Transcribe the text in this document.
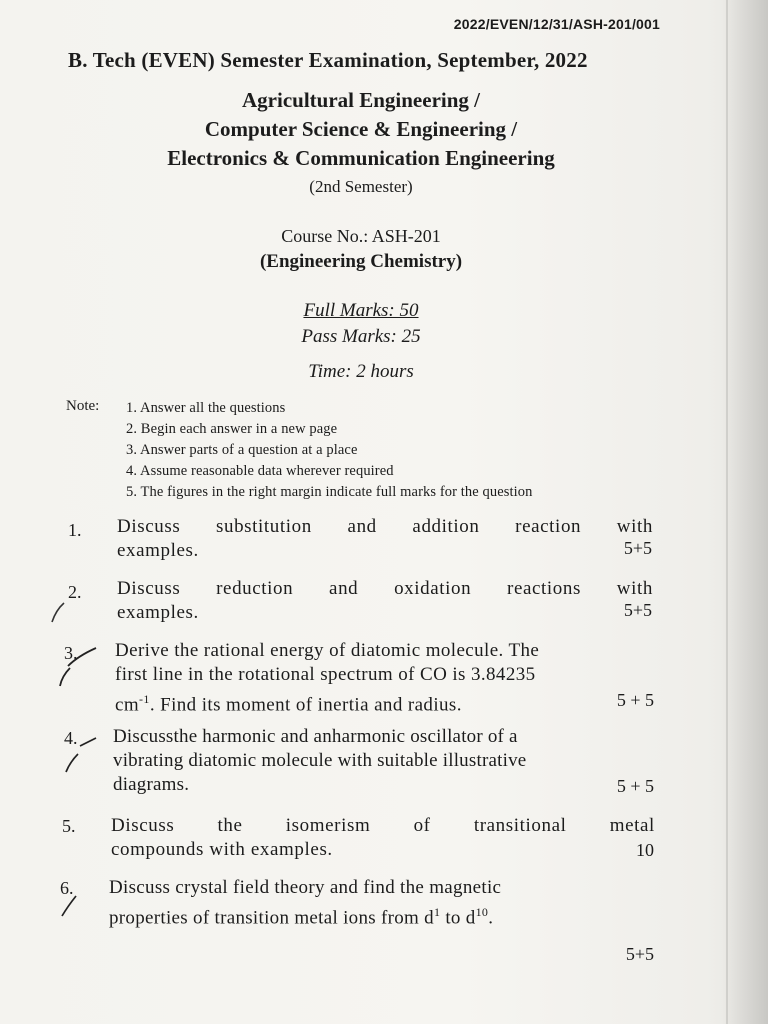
2022/EVEN/12/31/ASH-201/001
B. Tech (EVEN) Semester Examination, September, 2022
Agricultural Engineering /
Computer Science & Engineering /
Electronics & Communication Engineering
(2nd Semester)
Course No.: ASH-201
(Engineering Chemistry)
Full Marks: 50
Pass Marks: 25
Time: 2 hours
Note: 1. Answer all the questions
2. Begin each answer in a new page
3. Answer parts of a question at a place
4. Assume reasonable data wherever required
5. The figures in the right margin indicate full marks for the question
1. Discuss substitution and addition reaction with
examples.	5+5
2. Discuss reduction and oxidation reactions with
examples.	5+5
3. Derive the rational energy of diatomic molecule. The
first line in the rotational spectrum of CO is 3.84235
$cm^{-1}$. Find its moment of inertia and radius.	5 + 5
4. Discussthe harmonic and anharmonic oscillator of a
vibrating diatomic molecule with suitable illustrative
diagrams.	5 + 5
5. Discuss the isomerism of transitional metal
compounds with examples.	10
6. Discuss crystal field theory and find the magnetic
properties of transition metal ions from $d^1$ to $d^{10}$.
5+5
